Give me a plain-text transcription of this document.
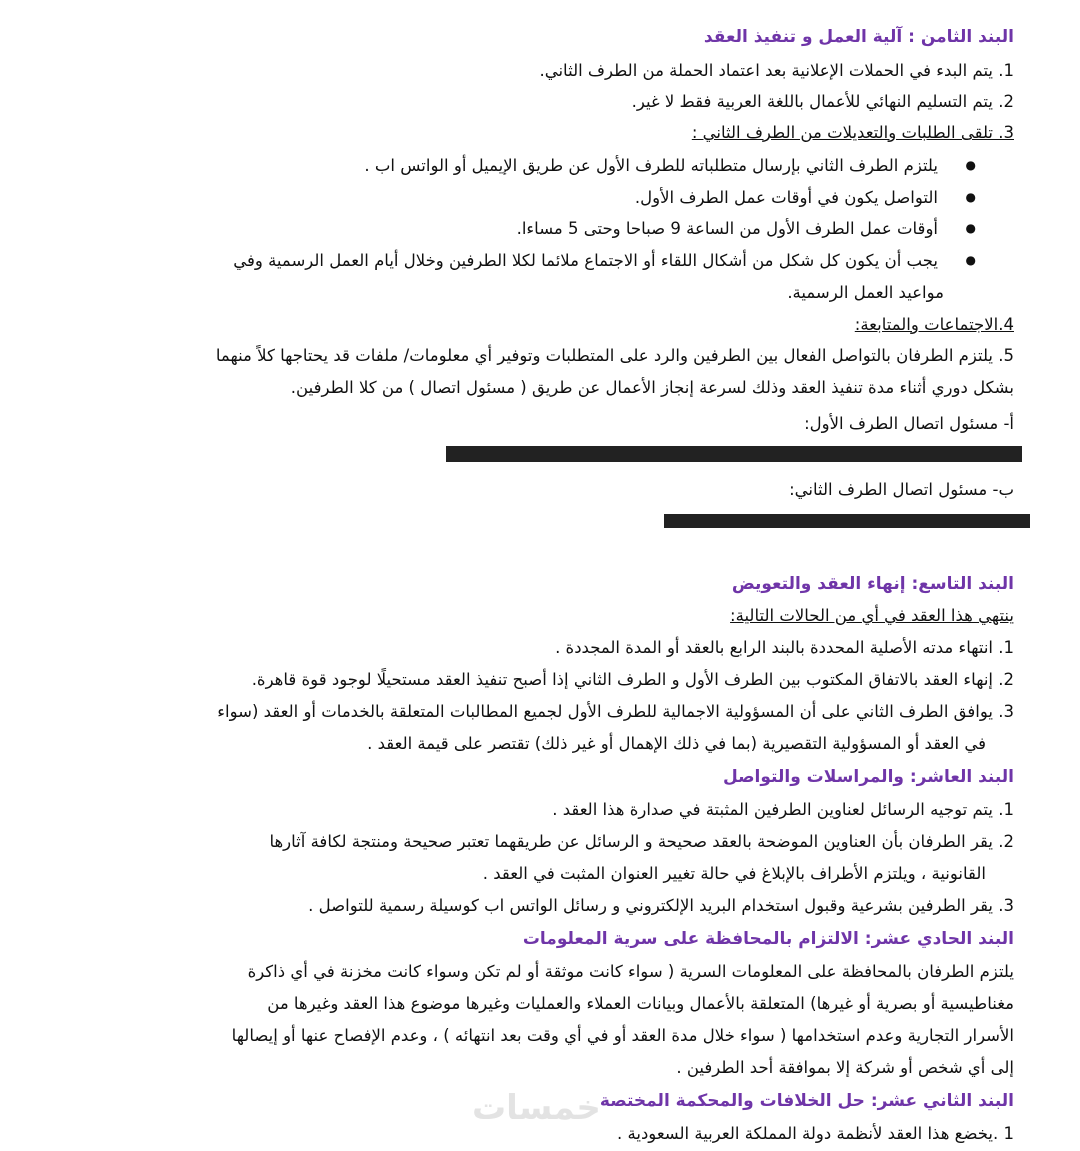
البند الثامن : آلية العمل و تنفيذ العقد
1. يتم البدء في الحملات الإعلانية بعد اعتماد الحملة من الطرف الثاني.
2. يتم التسليم النهائي للأعمال باللغة العربية فقط لا غير.
3. تلقى الطلبات والتعديلات من الطرف الثاني :
● يلتزم الطرف الثاني بإرسال متطلباته للطرف الأول عن طريق الإيميل أو الواتس اب .
● التواصل يكون في أوقات عمل الطرف الأول.
● أوقات عمل الطرف الأول من الساعة 9 صباحا وحتى 5 مساءا.
● يجب أن يكون كل شكل من أشكال اللقاء أو الاجتماع ملائما لكلا الطرفين وخلال أيام العمل الرسمية وفي
مواعيد العمل الرسمية.
4.الاجتماعات والمتابعة:
5. يلتزم الطرفان بالتواصل الفعال بين الطرفين والرد على المتطلبات وتوفير أي معلومات/ ملفات قد يحتاجها كلاً منهما
بشكل دوري أثناء مدة تنفيذ العقد وذلك لسرعة إنجاز الأعمال عن طريق ( مسئول اتصال ) من كلا الطرفين.
أ- مسئول اتصال الطرف الأول:
ب- مسئول اتصال الطرف الثاني:
البند التاسع: إنهاء العقد والتعويض
ينتهي هذا العقد في أي من الحالات التالية:
1. انتهاء مدته الأصلية المحددة بالبند الرابع بالعقد أو المدة المجددة .
2. إنهاء العقد بالاتفاق المكتوب بين الطرف الأول و الطرف الثاني إذا أصبح تنفيذ العقد مستحيلًا لوجود قوة قاهرة.
3. يوافق الطرف الثاني على أن المسؤولية الاجمالية للطرف الأول لجميع المطالبات المتعلقة بالخدمات أو العقد (سواء
في العقد أو المسؤولية التقصيرية (بما في ذلك الإهمال أو غير ذلك) تقتصر على قيمة العقد .
البند العاشر: والمراسلات والتواصل
1. يتم توجيه الرسائل لعناوين الطرفين المثبتة في صدارة هذا العقد .
2. يقر الطرفان بأن العناوين الموضحة بالعقد صحيحة و الرسائل عن طريقهما تعتبر صحيحة ومنتجة لكافة آثارها
القانونية ، ويلتزم الأطراف بالإبلاغ في حالة تغيير العنوان المثبت في العقد .
3. يقر الطرفين بشرعية وقبول استخدام البريد الإلكتروني و رسائل الواتس اب كوسيلة رسمية للتواصل .
البند الحادي عشر: الالتزام بالمحافظة على سرية المعلومات
يلتزم الطرفان بالمحافظة على المعلومات السرية ( سواء كانت موثقة أو لم تكن وسواء كانت مخزنة في أي ذاكرة
مغناطيسية أو بصرية أو غيرها) المتعلقة بالأعمال وبيانات العملاء والعمليات وغيرها موضوع هذا العقد وغيرها من
الأسرار التجارية وعدم استخدامها ( سواء خلال مدة العقد أو في أي وقت بعد انتهائه ) ، وعدم الإفصاح عنها أو إيصالها
إلى أي شخص أو شركة إلا بموافقة أحد الطرفين .
خمسات البند الثاني عشر: حل الخلافات والمحكمة المختصة
1 .يخضع هذا العقد لأنظمة دولة المملكة العربية السعودية .
